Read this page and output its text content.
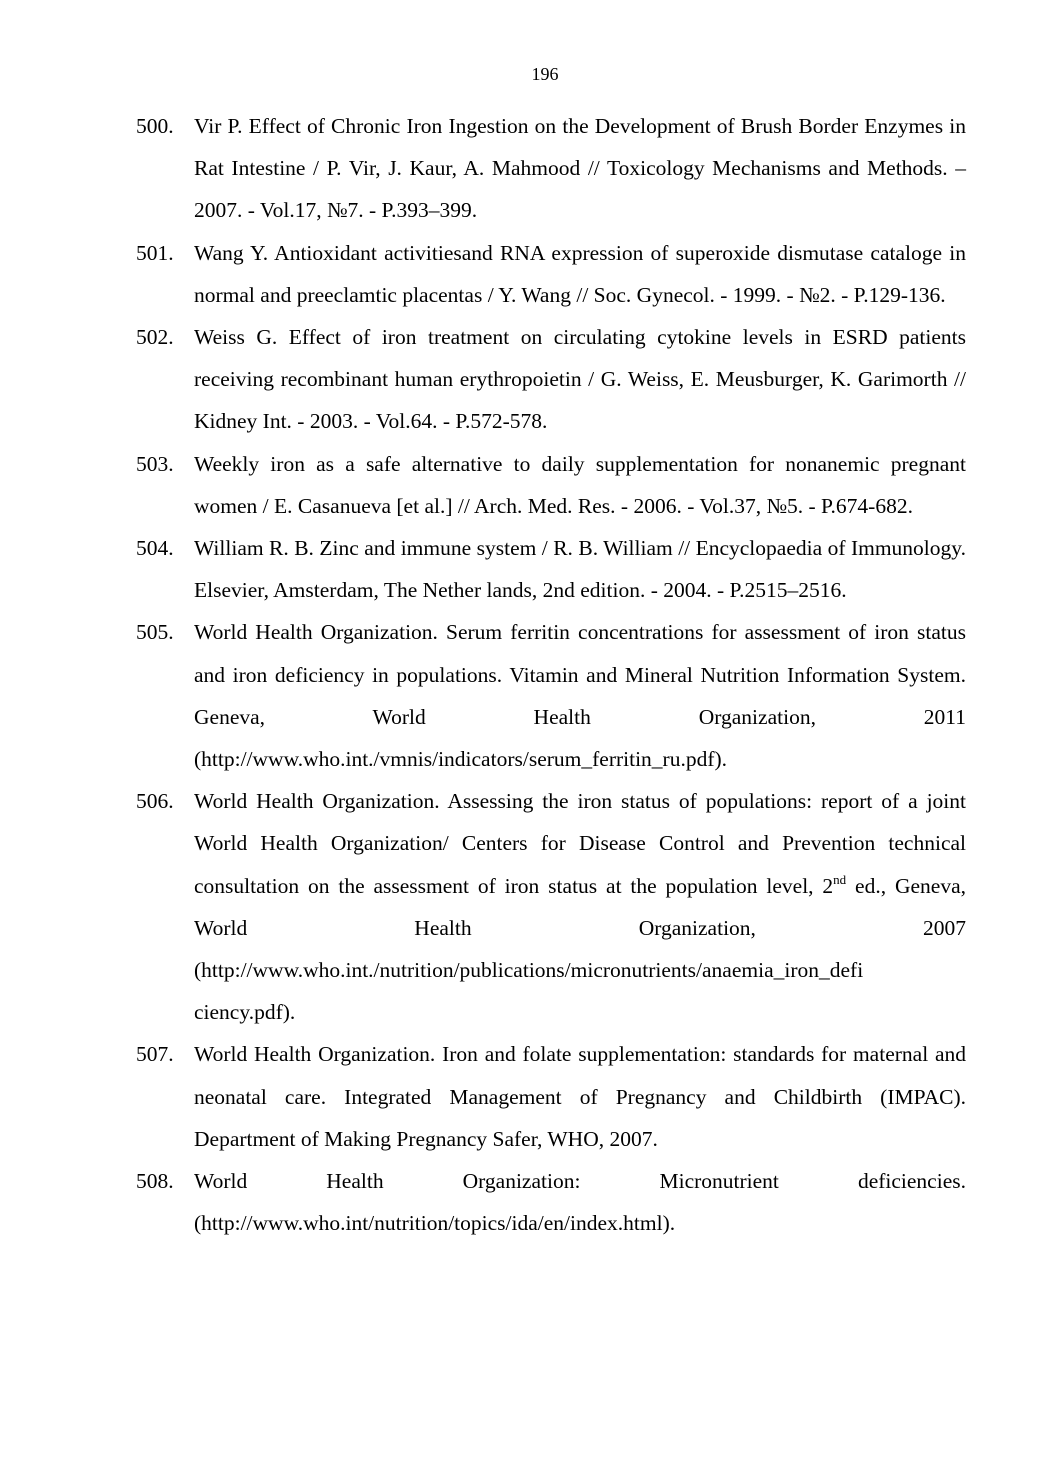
196
500. Vir P. Effect of Chronic Iron Ingestion on the Development of Brush Border Enzymes in Rat Intestine / P. Vir, J. Kaur, A. Mahmood // Toxicology Mechanisms and Methods. – 2007. - Vol.17, №7. - P.393–399.
501. Wang Y. Antioxidant activitiesand RNA expression of superoxide dismutase cataloge in normal and preeclamtic placentas / Y. Wang // Soc. Gynecol. - 1999. - №2. - P.129-136.
502. Weiss G. Effect of iron treatment on circulating cytokine levels in ESRD patients receiving recombinant human erythropoietin / G. Weiss, E. Meusburger, K. Garimorth // Kidney Int. - 2003. - Vol.64. - P.572-578.
503. Weekly iron as a safe alternative to daily supplementation for nonanemic pregnant women / E. Casanueva [et al.] // Arch. Med. Res. - 2006. - Vol.37, №5. - P.674-682.
504. William R. B. Zinc and immune system / R. B. William // Encyclopaedia of Immunology. Elsevier, Amsterdam, The Nether lands, 2nd edition. - 2004. - P.2515–2516.
505. World Health Organization. Serum ferritin concentrations for assessment of iron status and iron deficiency in populations. Vitamin and Mineral Nutrition Information System. Geneva, World Health Organization, 2011 (http://www.who.int./vmnis/indicators/serum_ferritin_ru.pdf).
506. World Health Organization. Assessing the iron status of populations: report of a joint World Health Organization/ Centers for Disease Control and Prevention technical consultation on the assessment of iron status at the population level, 2nd ed., Geneva, World Health Organization, 2007 (http://www.who.int./nutrition/publications/micronutrients/anaemia_iron_defi ciency.pdf).
507. World Health Organization. Iron and folate supplementation: standards for maternal and neonatal care. Integrated Management of Pregnancy and Childbirth (IMPAC). Department of Making Pregnancy Safer, WHO, 2007.
508. World Health Organization: Micronutrient deficiencies.
(http://www.who.int/nutrition/topics/ida/en/index.html).
